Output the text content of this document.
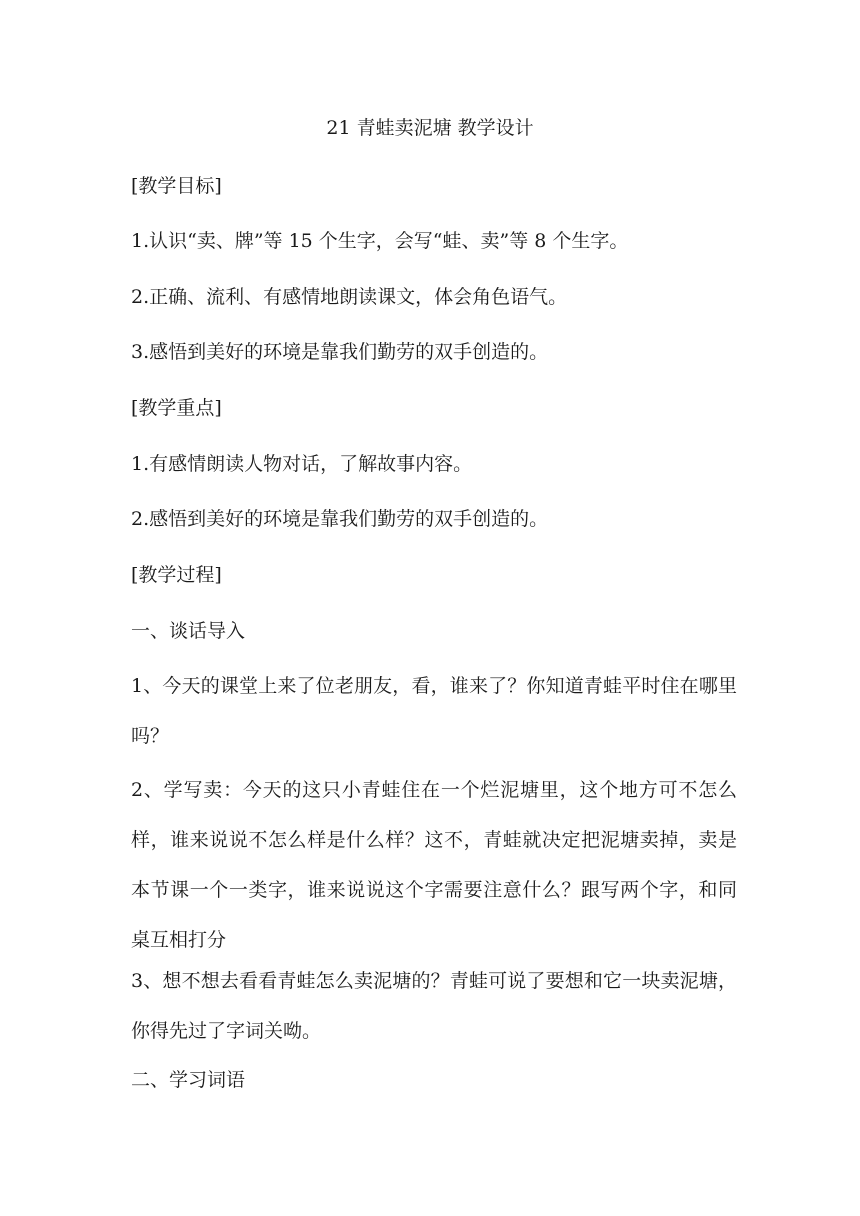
21 青蛙卖泥塘 教学设计
[教学目标]
1.认识“卖、牌”等 15 个生字，会写“蛙、卖”等 8 个生字。
2.正确、流利、有感情地朗读课文，体会角色语气。
3.感悟到美好的环境是靠我们勤劳的双手创造的。
[教学重点]
1.有感情朗读人物对话，了解故事内容。
2.感悟到美好的环境是靠我们勤劳的双手创造的。
[教学过程]
一、谈话导入
1、今天的课堂上来了位老朋友，看，谁来了？你知道青蛙平时住在哪里吗？
2、学写卖：今天的这只小青蛙住在一个烂泥塘里，这个地方可不怎么样，谁来说说不怎么样是什么样？这不，青蛙就决定把泥塘卖掉，卖是本节课一个一类字，谁来说说这个字需要注意什么？跟写两个字，和同桌互相打分
3、想不想去看看青蛙怎么卖泥塘的？青蛙可说了要想和它一块卖泥塘，你得先过了字词关呦。
二、学习词语
